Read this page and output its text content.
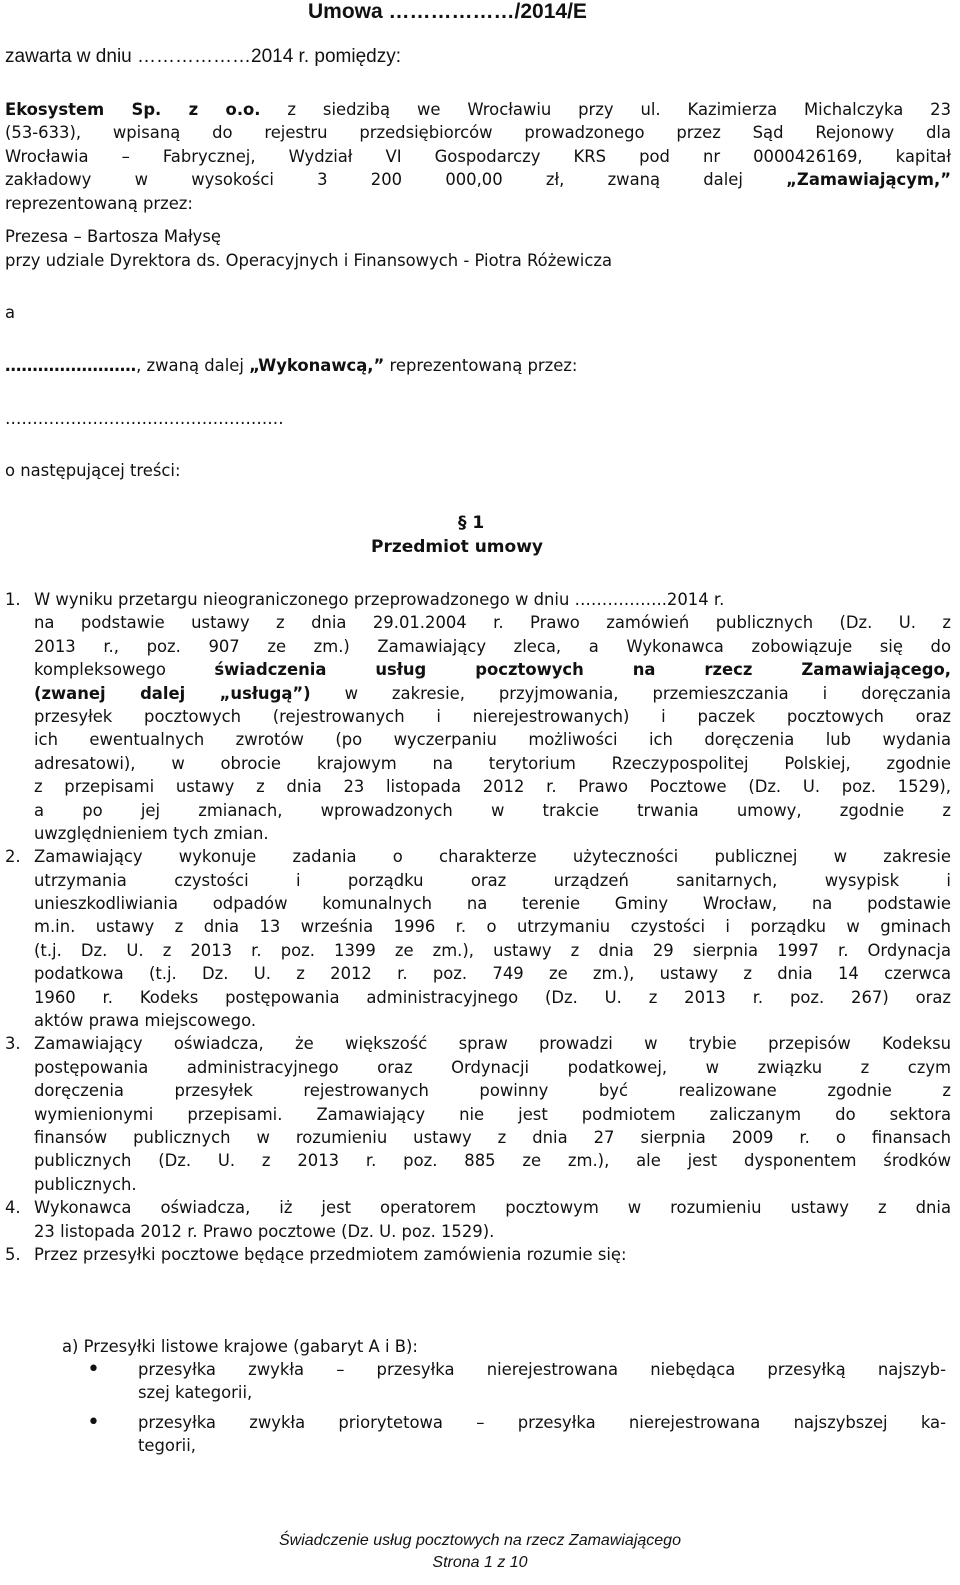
Umowa ………………/2014/E
zawarta w dniu ………………2014 r. pomiędzy:
Ekosystem Sp. z o.o. z siedzibą we Wrocławiu przy ul. Kazimierza Michalczyka 23
(53-633), wpisaną do rejestru przedsiębiorców prowadzonego przez Sąd Rejonowy dla
Wrocławia – Fabrycznej, Wydział VI Gospodarczy KRS pod nr 0000426169, kapitał
zakładowy w wysokości 3 200 000,00 zł, zwaną dalej „Zamawiającym,”
reprezentowaną przez:
Prezesa – Bartosza Małysę
przy udziale Dyrektora ds. Operacyjnych i Finansowych - Piotra Różewicza
a
……………………, zwaną dalej „Wykonawcą,” reprezentowaną przez:
……………………………………………
o następującej treści:
§ 1
Przedmiot umowy
1. W wyniku przetargu nieograniczonego przeprowadzonego w dniu ……………..2014 r.
na podstawie ustawy z dnia 29.01.2004 r. Prawo zamówień publicznych (Dz. U. z
2013 r., poz. 907 ze zm.) Zamawiający zleca, a Wykonawca zobowiązuje się do
kompleksowego świadczenia usług pocztowych na rzecz Zamawiającego,
(zwanej dalej „usługą”) w zakresie, przyjmowania, przemieszczania i doręczania
przesyłek pocztowych (rejestrowanych i nierejestrowanych) i paczek pocztowych oraz
ich ewentualnych zwrotów (po wyczerpaniu możliwości ich doręczenia lub wydania
adresatowi), w obrocie krajowym na terytorium Rzeczypospolitej Polskiej, zgodnie
z przepisami ustawy z dnia 23 listopada 2012 r. Prawo Pocztowe (Dz. U. poz. 1529),
a po jej zmianach, wprowadzonych w trakcie trwania umowy, zgodnie z
uwzględnieniem tych zmian.
2. Zamawiający wykonuje zadania o charakterze użyteczności publicznej w zakresie
utrzymania czystości i porządku oraz urządzeń sanitarnych, wysypisk i
unieszkodliwiania odpadów komunalnych na terenie Gminy Wrocław, na podstawie
m.in. ustawy z dnia 13 września 1996 r. o utrzymaniu czystości i porządku w gminach
(t.j. Dz. U. z 2013 r. poz. 1399 ze zm.), ustawy z dnia 29 sierpnia 1997 r. Ordynacja
podatkowa (t.j. Dz. U. z 2012 r. poz. 749 ze zm.), ustawy z dnia 14 czerwca
1960 r. Kodeks postępowania administracyjnego (Dz. U. z 2013 r. poz. 267) oraz
aktów prawa miejscowego.
3. Zamawiający oświadcza, że większość spraw prowadzi w trybie przepisów Kodeksu
postępowania administracyjnego oraz Ordynacji podatkowej, w związku z czym
doręczenia przesyłek rejestrowanych powinny być realizowane zgodnie z
wymienionymi przepisami. Zamawiający nie jest podmiotem zaliczanym do sektora
finansów publicznych w rozumieniu ustawy z dnia 27 sierpnia 2009 r. o finansach
publicznych (Dz. U. z 2013 r. poz. 885 ze zm.), ale jest dysponentem środków
publicznych.
4. Wykonawca oświadcza, iż jest operatorem pocztowym w rozumieniu ustawy z dnia
23 listopada 2012 r. Prawo pocztowe (Dz. U. poz. 1529).
5. Przez przesyłki pocztowe będące przedmiotem zamówienia rozumie się:
a) Przesyłki listowe krajowe (gabaryt A i B):
• przesyłka zwykła – przesyłka nierejestrowana niebędąca przesyłką najszyb-
szej kategorii,
• przesyłka zwykła priorytetowa – przesyłka nierejestrowana najszybszej ka-
tegorii,
Świadczenie usług pocztowych na rzecz Zamawiającego
Strona 1 z 10
